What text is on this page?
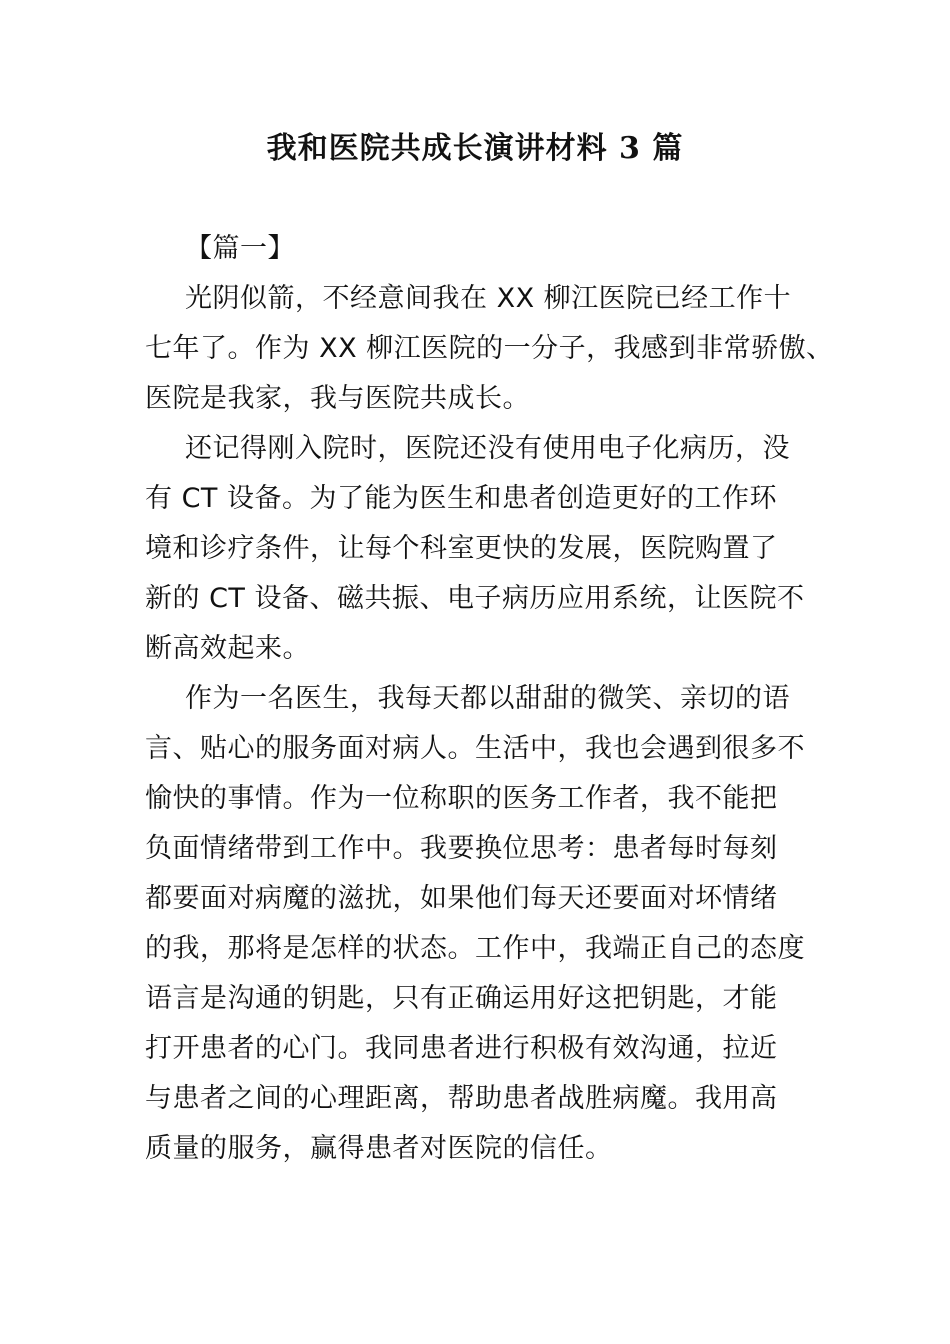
我和医院共成长演讲材料 3 篇

【篇一】

光阴似箭，不经意间我在 XX 柳江医院已经工作十
七年了。作为 XX 柳江医院的一分子，我感到非常骄傲、
医院是我家，我与医院共成长。

还记得刚入院时，医院还没有使用电子化病历，没
有 CT 设备。为了能为医生和患者创造更好的工作环
境和诊疗条件，让每个科室更快的发展，医院购置了
新的 CT 设备、磁共振、电子病历应用系统，让医院不
断高效起来。

作为一名医生，我每天都以甜甜的微笑、亲切的语
言、贴心的服务面对病人。生活中，我也会遇到很多不
愉快的事情。作为一位称职的医务工作者，我不能把
负面情绪带到工作中。我要换位思考：患者每时每刻
都要面对病魔的滋扰，如果他们每天还要面对坏情绪
的我，那将是怎样的状态。工作中，我端正自己的态度
语言是沟通的钥匙，只有正确运用好这把钥匙，才能
打开患者的心门。我同患者进行积极有效沟通，拉近
与患者之间的心理距离，帮助患者战胜病魔。我用高
质量的服务，赢得患者对医院的信任。
